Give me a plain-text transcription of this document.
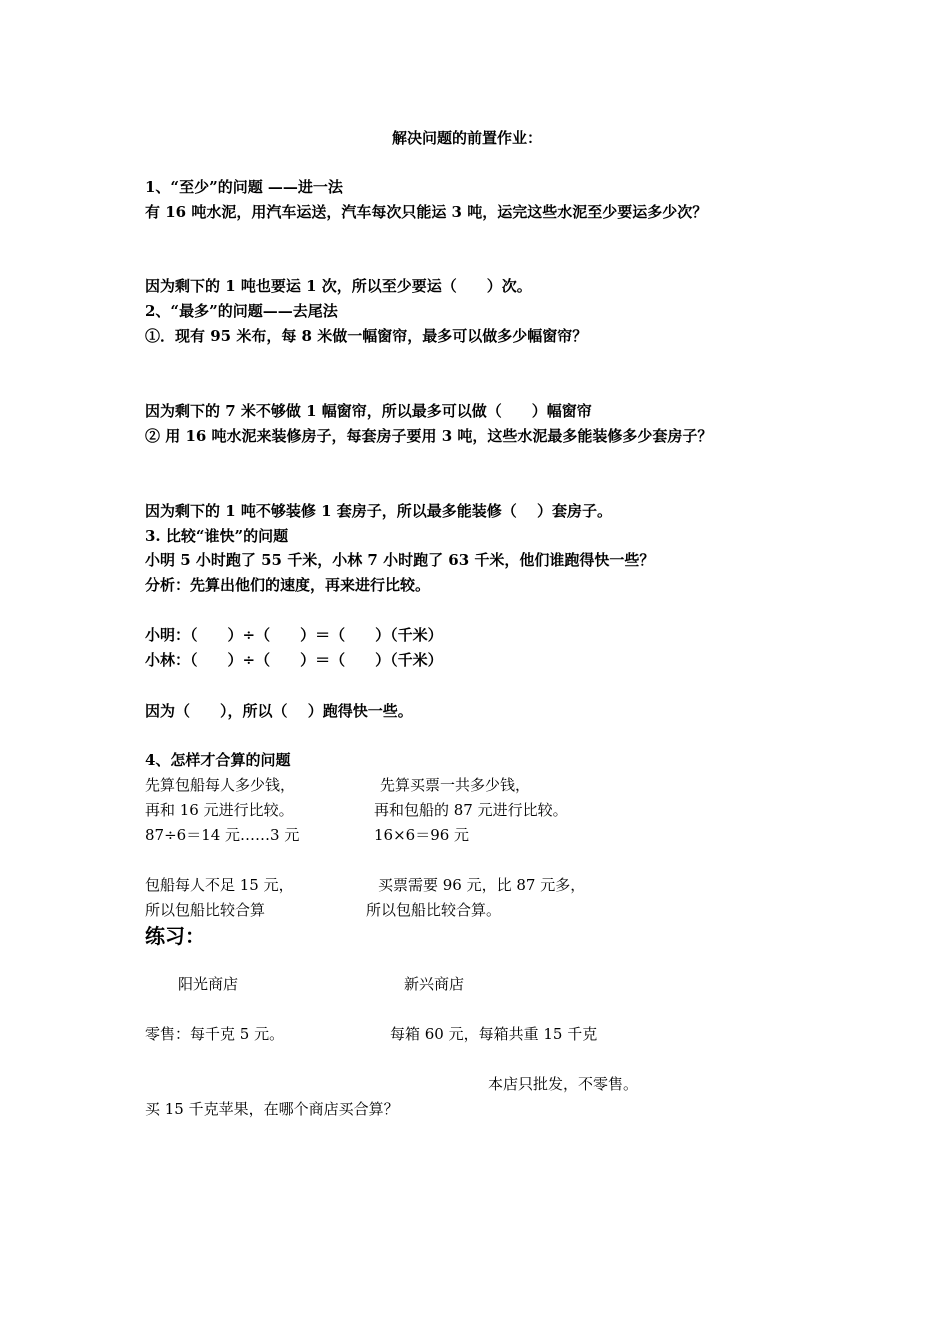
解决问题的前置作业：
1、“至少”的问题 ——进一法
有 16 吨水泥，用汽车运送，汽车每次只能运 3 吨，运完这些水泥至少要运多少次？
因为剩下的 1 吨也要运 1 次，所以至少要运（　　）次。
2、“最多”的问题——去尾法
①．现有 95 米布，每 8 米做一幅窗帘，最多可以做多少幅窗帘？
因为剩下的 7 米不够做 1 幅窗帘，所以最多可以做（　　）幅窗帘
② 用 16 吨水泥来装修房子，每套房子要用 3 吨，这些水泥最多能装修多少套房子？
因为剩下的 1 吨不够装修 1 套房子，所以最多能装修（　 ）套房子。
3. 比较“谁快”的问题
小明 5 小时跑了 55 千米，小林 7 小时跑了 63 千米，他们谁跑得快一些？
分析：先算出他们的速度，再来进行比较。
小明：（　　）÷（　　）＝（　　）（千米）
小林：（　　）÷（　　）＝（　　）（千米）
因为（　　），所以（　 ）跑得快一些。
4、怎样才合算的问题
先算包船每人多少钱，
再和 16 元进行比较。
87÷6＝14 元……3 元
包船每人不足 15 元，
所以包船比较合算
先算买票一共多少钱，
再和包船的 87 元进行比较。
16×6＝96 元
买票需要 96 元，比 87 元多，
所以包船比较合算。
练习：
阳光商店	新兴商店
零售：每千克 5 元。	每箱 60 元，每箱共重 15 千克
本店只批发，不零售。
买 15 千克苹果，在哪个商店买合算？
